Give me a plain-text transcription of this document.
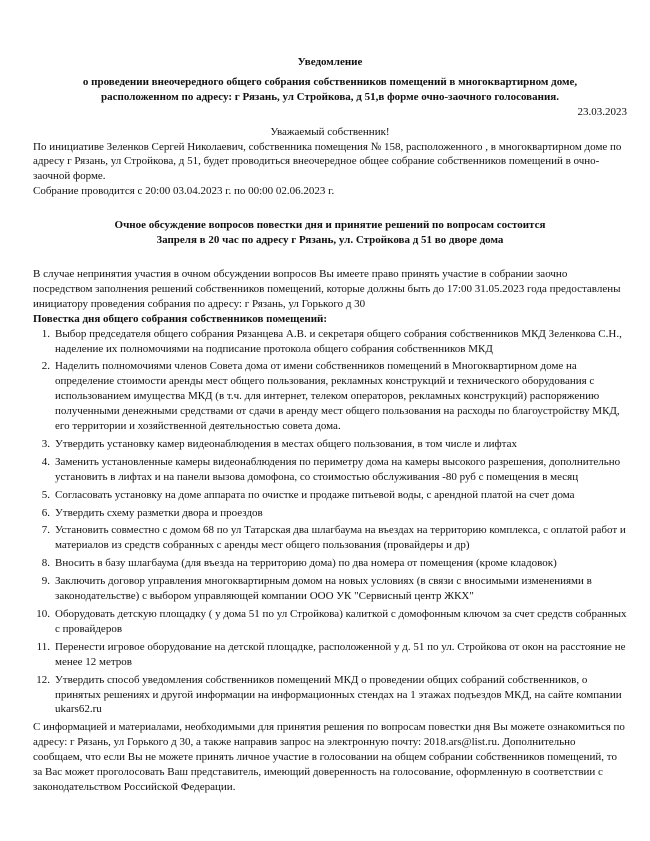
Уведомление

о проведении внеочередного общего собрания собственников помещений в многоквартирном доме,

расположенном по адресу: г Рязань, ул Стройкова, д 51,в форме очно-заочного голосования.

23.03.2023

Уважаемый собственник!

По инициативе Зеленков Сергей Николаевич, собственника помещения № 158, расположенного , в многоквартирном доме по адресу г Рязань, ул Стройкова, д 51, будет проводиться внеочередное общее собрание собственников помещений в очно-заочной форме.

Собрание проводится с 20:00 03.04.2023 г. по 00:00 02.06.2023 г.

Очное обсуждение вопросов повестки дня и принятие решений по вопросам состоится

3апреля в 20 час по адресу г Рязань, ул. Стройкова д 51 во дворе дома

В случае непринятия участия в очном обсуждении вопросов Вы имеете право принять участие в собрании заочно посредством заполнения решений собственников помещений, которые должны быть до 17:00 31.05.2023 года предоставлены инициатору проведения собрания по адресу: г Рязань, ул Горького д 30

Повестка дня общего собрания собственников помещений:

1. Выбор председателя общего собрания Рязанцева А.В. и секретаря общего собрания собственников МКД Зеленкова С.Н., наделение их полномочиями на подписание протокола общего собрания собственников МКД
2. Наделить полномочиями членов Совета дома от имени собственников помещений в Многоквартирном доме на определение стоимости аренды мест общего пользования, рекламных конструкций и технического оборудования с использованием имущества МКД (в т.ч. для интернет, телеком операторов, рекламных конструкций) распоряжению полученными денежными средствами от сдачи в аренду мест общего пользования на расходы по благоустройству МКД, его территории и хозяйственной деятельностью совета дома.
3. Утвердить установку камер видеонаблюдения в местах общего пользования, в том числе и лифтах
4. Заменить установленные камеры видеонаблюдения по периметру дома на камеры высокого разрешения, дополнительно установить в лифтах и на панели вызова домофона, со стоимостью обслуживания -80 руб с помещения в месяц
5. Согласовать установку на доме аппарата по очистке и продаже питьевой воды, с арендной платой на счет дома
6. Утвердить схему разметки двора и проездов
7. Установить совместно с домом 68 по ул Татарская два шлагбаума на въездах на территорию комплекса, с оплатой работ и материалов из средств собранных с аренды мест общего пользования (провайдеры и др)
8. Вносить в базу шлагбаума (для въезда на территорию дома) по два номера от помещения (кроме кладовок)
9. Заключить договор управления многоквартирным домом на новых условиях (в связи с вносимыми изменениями в законодательстве) с выбором управляющей компании ООО УК "Сервисный центр ЖКХ"
10. Оборудовать детскую площадку ( у дома 51 по ул Стройкова) калиткой с домофонным ключом за счет средств собранных с провайдеров
11. Перенести игровое оборудование на детской площадке, расположенной у д. 51 по ул. Стройкова от окон на расстояние не менее 12 метров
12. Утвердить способ уведомления собственников помещений МКД о проведении общих собраний собственников, о принятых решениях и другой информации на информационных стендах на 1 этажах подъездов МКД, на сайте компании ukars62.ru

С информацией и материалами, необходимыми для принятия решения по вопросам повестки дня Вы можете ознакомиться по адресу: г Рязань, ул Горького д 30, а также направив запрос на электронную почту: 2018.ars@list.ru. Дополнительно сообщаем, что если Вы не можете принять личное участие в голосовании на общем собрании собственников помещений, то за Вас может проголосовать Ваш представитель, имеющий доверенность на голосование, оформленную в соответствии с законодательством Российской Федерации.
